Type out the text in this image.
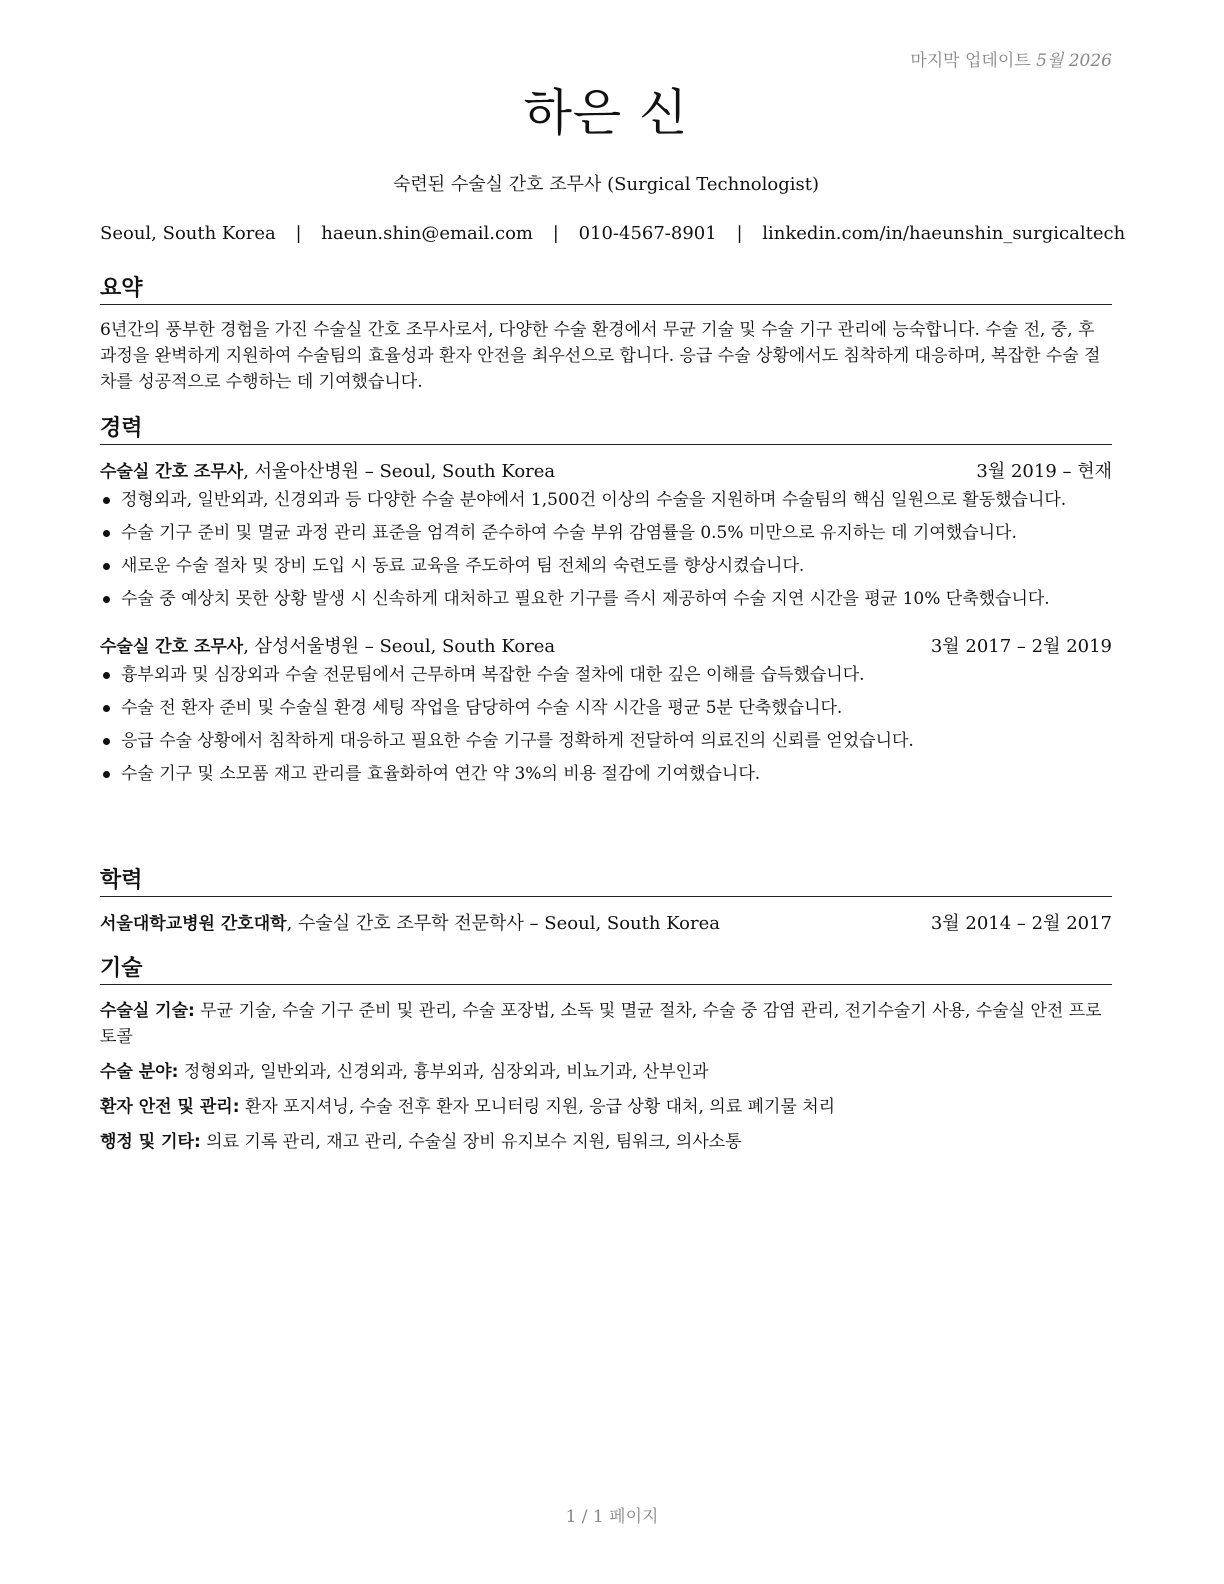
마지막 업데이트 5월 2026
하은 신
숙련된 수술실 간호 조무사 (Surgical Technologist)
Seoul, South Korea | haeun.shin@email.com | 010-4567-8901 | linkedin.com/in/haeunshin_surgicaltech
요약
6년간의 풍부한 경험을 가진 수술실 간호 조무사로서, 다양한 수술 환경에서 무균 기술 및 수술 기구 관리에 능숙합니다. 수술 전, 중, 후 과정을 완벽하게 지원하여 수술팀의 효율성과 환자 안전을 최우선으로 합니다. 응급 수술 상황에서도 침착하게 대응하며, 복잡한 수술 절차를 성공적으로 수행하는 데 기여했습니다.
경력
수술실 간호 조무사, 서울아산병원 – Seoul, South Korea	3월 2019 – 현재
정형외과, 일반외과, 신경외과 등 다양한 수술 분야에서 1,500건 이상의 수술을 지원하며 수술팀의 핵심 일원으로 활동했습니다.
수술 기구 준비 및 멸균 과정 관리 표준을 엄격히 준수하여 수술 부위 감염률을 0.5% 미만으로 유지하는 데 기여했습니다.
새로운 수술 절차 및 장비 도입 시 동료 교육을 주도하여 팀 전체의 숙련도를 향상시켰습니다.
수술 중 예상치 못한 상황 발생 시 신속하게 대처하고 필요한 기구를 즉시 제공하여 수술 지연 시간을 평균 10% 단축했습니다.
수술실 간호 조무사, 삼성서울병원 – Seoul, South Korea	3월 2017 – 2월 2019
흉부외과 및 심장외과 수술 전문팀에서 근무하며 복잡한 수술 절차에 대한 깊은 이해를 습득했습니다.
수술 전 환자 준비 및 수술실 환경 세팅 작업을 담당하여 수술 시작 시간을 평균 5분 단축했습니다.
응급 수술 상황에서 침착하게 대응하고 필요한 수술 기구를 정확하게 전달하여 의료진의 신뢰를 얻었습니다.
수술 기구 및 소모품 재고 관리를 효율화하여 연간 약 3%의 비용 절감에 기여했습니다.
학력
서울대학교병원 간호대학, 수술실 간호 조무학 전문학사 – Seoul, South Korea	3월 2014 – 2월 2017
기술
수술실 기술: 무균 기술, 수술 기구 준비 및 관리, 수술 포장법, 소독 및 멸균 절차, 수술 중 감염 관리, 전기수술기 사용, 수술실 안전 프로토콜
수술 분야: 정형외과, 일반외과, 신경외과, 흉부외과, 심장외과, 비뇨기과, 산부인과
환자 안전 및 관리: 환자 포지셔닝, 수술 전후 환자 모니터링 지원, 응급 상황 대처, 의료 폐기물 처리
행정 및 기타: 의료 기록 관리, 재고 관리, 수술실 장비 유지보수 지원, 팀워크, 의사소통
1 / 1 페이지
